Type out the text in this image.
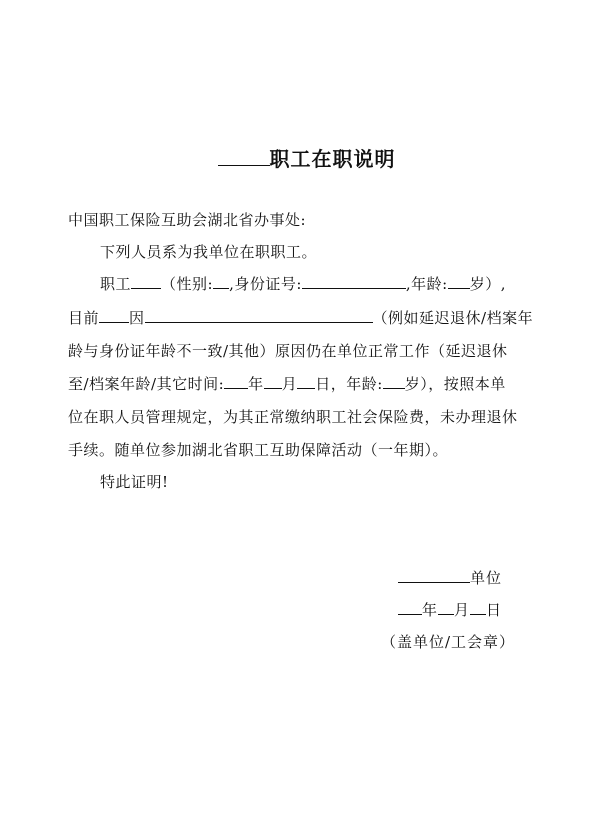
职工在职说明
中国职工保险互助会湖北省办事处:
下列人员系为我单位在职职工。
职工 （性别: ,身份证号:	,年龄: 岁）,
目前 因	（例如延迟退休/档案年
龄与身份证年龄不一致/其他）原因仍在单位正常工作（延迟退休
至/档案年龄/其它时间: 年 月 日，年龄: 岁），按照本单
位在职人员管理规定，为其正常缴纳职工社会保险费，未办理退休
手续。随单位参加湖北省职工互助保障活动（一年期）。
特此证明!
单位
年 月 日
（盖单位/工会章）
